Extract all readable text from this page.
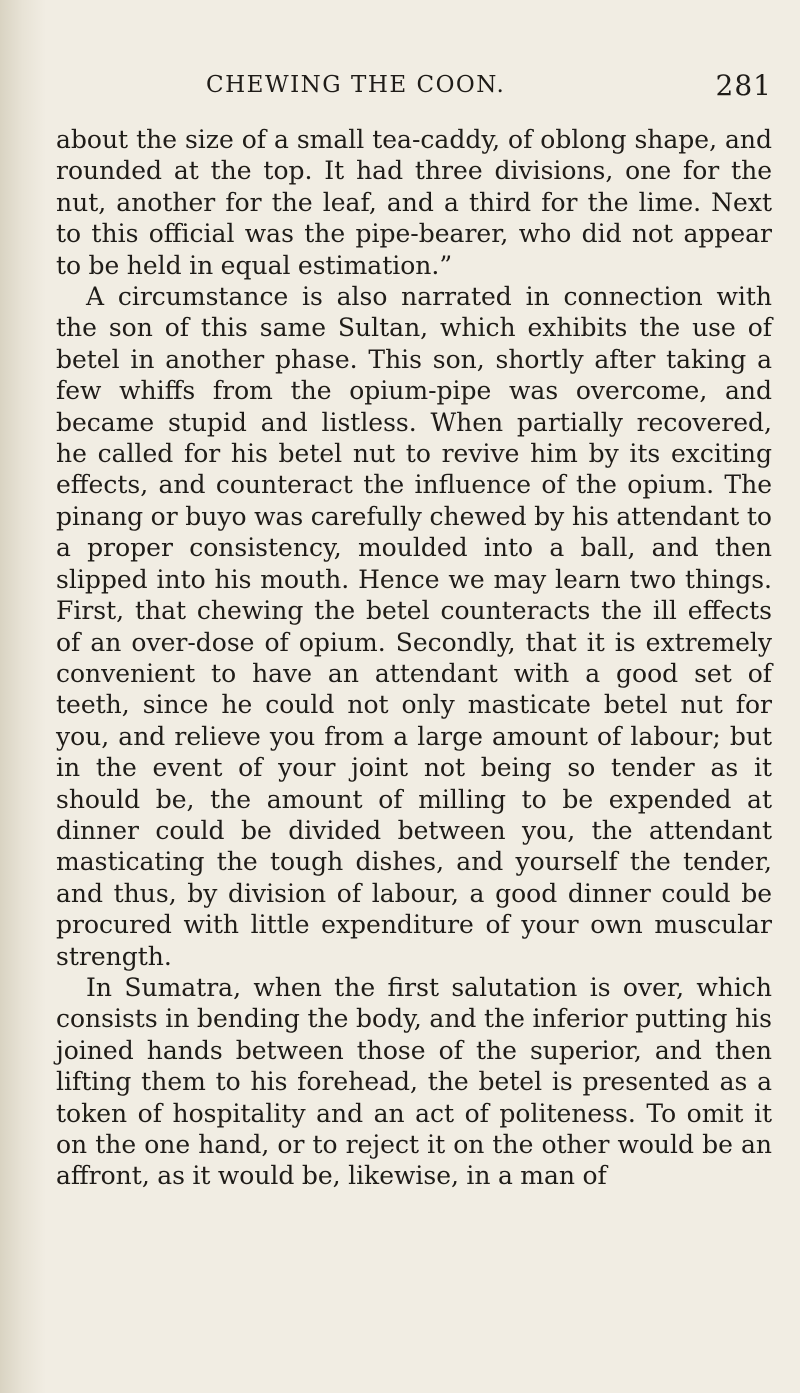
CHEWING THE COON.	281

about the size of a small tea-caddy, of oblong shape, and rounded at the top. It had three divisions, one for the nut, another for the leaf, and a third for the lime. Next to this official was the pipe-bearer, who did not appear to be held in equal estimation.”

A circumstance is also narrated in connection with the son of this same Sultan, which exhibits the use of betel in another phase. This son, shortly after taking a few whiffs from the opium-pipe was overcome, and became stupid and listless. When partially recovered, he called for his betel nut to revive him by its exciting effects, and counteract the influence of the opium. The pinang or buyo was carefully chewed by his attendant to a proper consistency, moulded into a ball, and then slipped into his mouth. Hence we may learn two things. First, that chewing the betel counteracts the ill effects of an over-dose of opium. Secondly, that it is extremely convenient to have an attendant with a good set of teeth, since he could not only masticate betel nut for you, and relieve you from a large amount of labour; but in the event of your joint not being so tender as it should be, the amount of milling to be expended at dinner could be divided between you, the attendant masticating the tough dishes, and yourself the tender, and thus, by division of labour, a good dinner could be procured with little expenditure of your own muscular strength.

In Sumatra, when the first salutation is over, which consists in bending the body, and the inferior putting his joined hands between those of the superior, and then lifting them to his forehead, the betel is presented as a token of hospitality and an act of politeness. To omit it on the one hand, or to reject it on the other would be an affront, as it would be, likewise, in a man of
